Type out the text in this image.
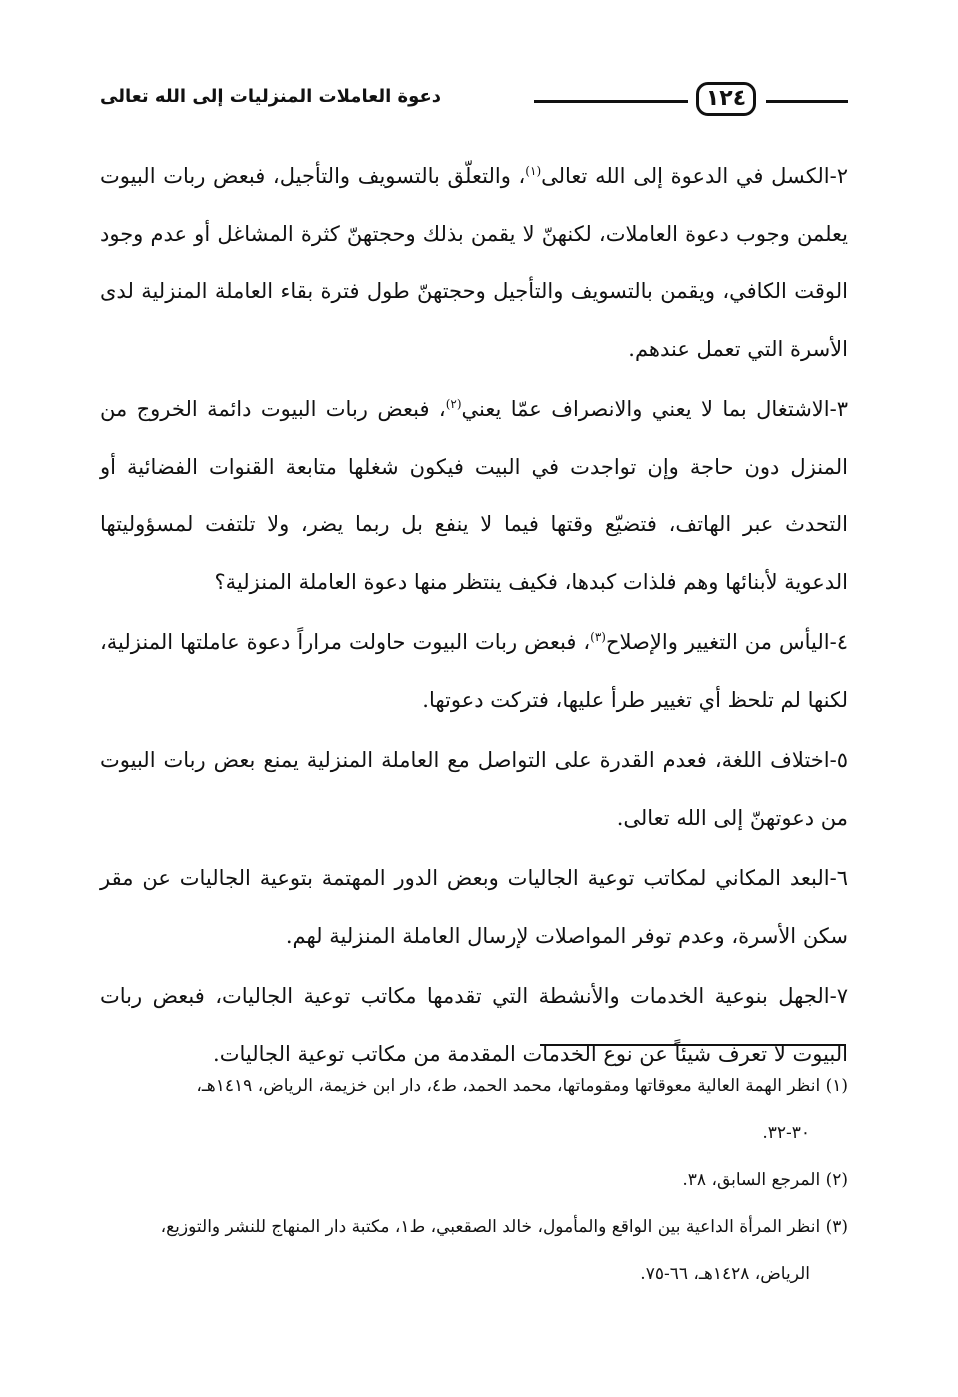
١٢٤
دعوة العاملات المنزليات إلى الله تعالى

٢-الكسل في الدعوة إلى الله تعالى$^{(١)}$، والتعلّق بالتسويف والتأجيل، فبعض ربات البيوت يعلمن وجوب دعوة العاملات، لكنهنّ لا يقمن بذلك وحجتهنّ كثرة المشاغل أو عدم وجود الوقت الكافي، ويقمن بالتسويف والتأجيل وحجتهنّ طول فترة بقاء العاملة المنزلية لدى الأسرة التي تعمل عندهم.

٣-الاشتغال بما لا يعني والانصراف عمّا يعني$^{(٢)}$، فبعض ربات البيوت دائمة الخروج من المنزل دون حاجة وإن تواجدت في البيت فيكون شغلها متابعة القنوات الفضائية أو التحدث عبر الهاتف، فتضيّع وقتها فيما لا ينفع بل ربما يضر، ولا تلتفت لمسؤوليتها الدعوية لأبنائها وهم فلذات كبدها، فكيف ينتظر منها دعوة العاملة المنزلية؟

٤-اليأس من التغيير والإصلاح$^{(٣)}$، فبعض ربات البيوت حاولت مراراً دعوة عاملتها المنزلية، لكنها لم تلحظ أي تغيير طرأ عليها، فتركت دعوتها.

٥-اختلاف اللغة، فعدم القدرة على التواصل مع العاملة المنزلية يمنع بعض ربات البيوت من دعوتهنّ إلى الله تعالى.

٦-البعد المكاني لمكاتب توعية الجاليات وبعض الدور المهتمة بتوعية الجاليات عن مقر سكن الأسرة، وعدم توفر المواصلات لإرسال العاملة المنزلية لهم.

٧-الجهل بنوعية الخدمات والأنشطة التي تقدمها مكاتب توعية الجاليات، فبعض ربات البيوت لا تعرف شيئاً عن نوع الخدمات المقدمة من مكاتب توعية الجاليات.

(١) انظر الهمة العالية معوقاتها ومقوماتها، محمد الحمد، ط٤، دار ابن خزيمة، الرياض، ١٤١٩هـ،
٣٠-٣٢.

(٢) المرجع السابق، ٣٨.

(٣) انظر المرأة الداعية بين الواقع والمأمول، خالد الصقعبي، ط١، مكتبة دار المنهاج للنشر والتوزيع،
الرياض، ١٤٢٨هـ، ٦٦-٧٥.
